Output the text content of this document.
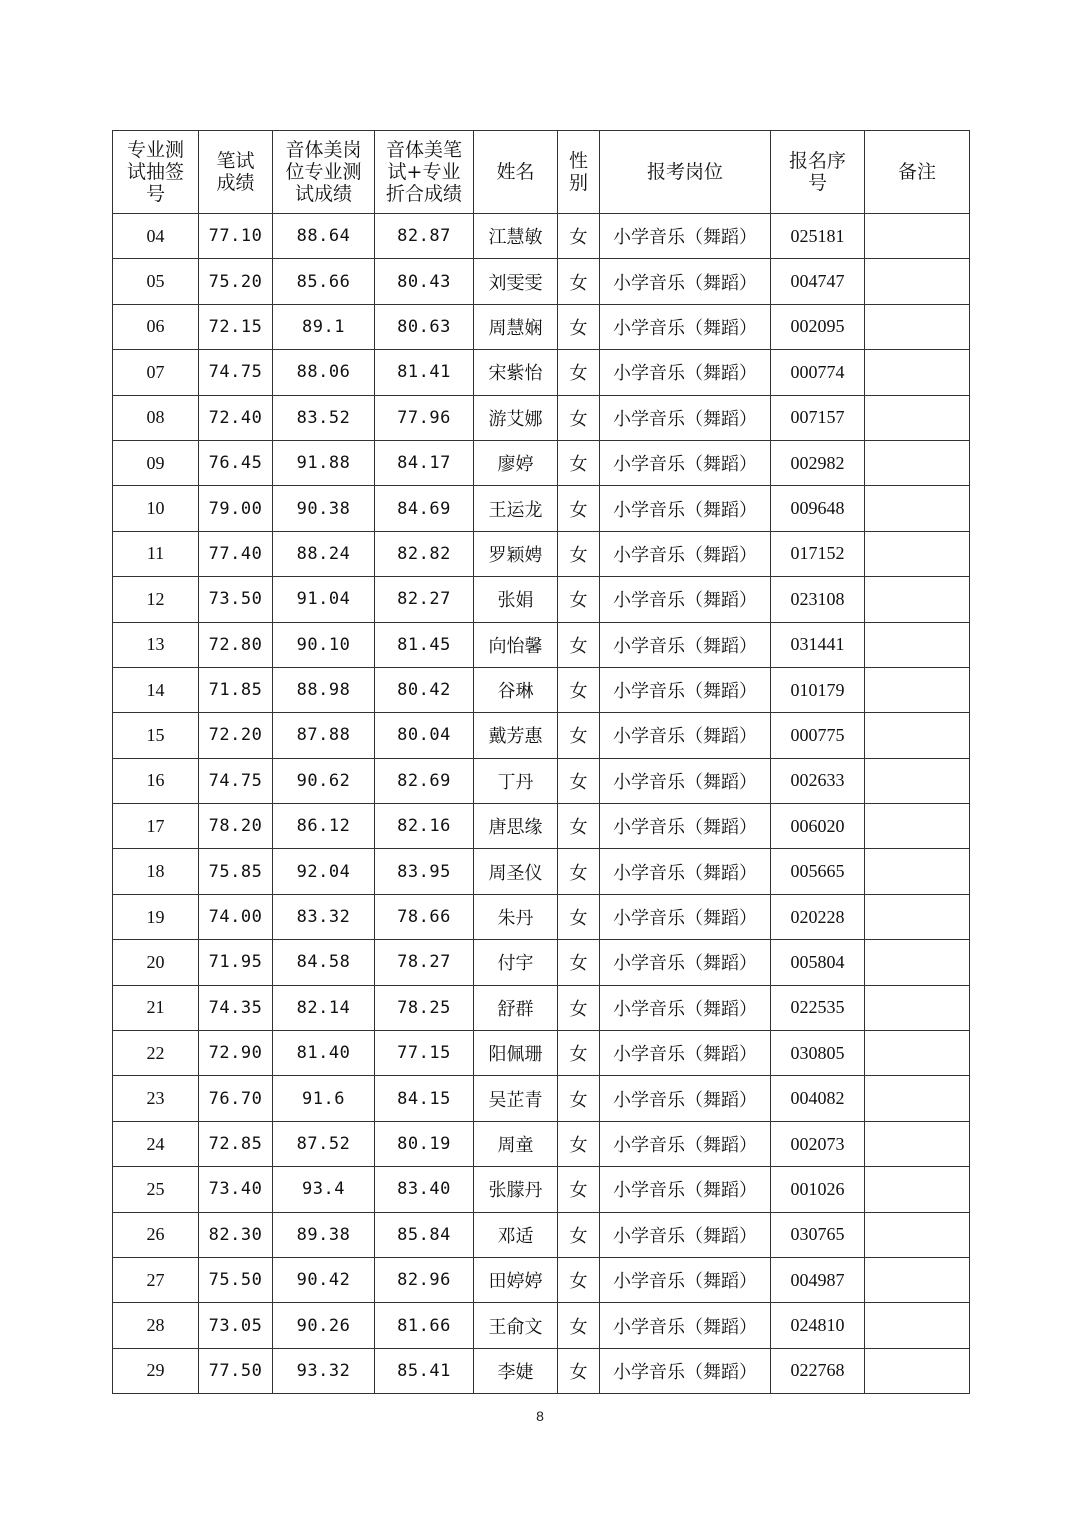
专业测试抽签号	笔试成绩	音体美岗位专业测试成绩	音体美笔试+专业折合成绩	姓名	性别	报考岗位	报名序号	备注
04	77.10	88.64	82.87	江慧敏	女	小学音乐（舞蹈）	025181	
05	75.20	85.66	80.43	刘雯雯	女	小学音乐（舞蹈）	004747	
06	72.15	89.1	80.63	周慧娴	女	小学音乐（舞蹈）	002095	
07	74.75	88.06	81.41	宋紫怡	女	小学音乐（舞蹈）	000774	
08	72.40	83.52	77.96	游艾娜	女	小学音乐（舞蹈）	007157	
09	76.45	91.88	84.17	廖婷	女	小学音乐（舞蹈）	002982	
10	79.00	90.38	84.69	王运龙	女	小学音乐（舞蹈）	009648	
11	77.40	88.24	82.82	罗颖娉	女	小学音乐（舞蹈）	017152	
12	73.50	91.04	82.27	张娟	女	小学音乐（舞蹈）	023108	
13	72.80	90.10	81.45	向怡馨	女	小学音乐（舞蹈）	031441	
14	71.85	88.98	80.42	谷琳	女	小学音乐（舞蹈）	010179	
15	72.20	87.88	80.04	戴芳惠	女	小学音乐（舞蹈）	000775	
16	74.75	90.62	82.69	丁丹	女	小学音乐（舞蹈）	002633	
17	78.20	86.12	82.16	唐思缘	女	小学音乐（舞蹈）	006020	
18	75.85	92.04	83.95	周圣仪	女	小学音乐（舞蹈）	005665	
19	74.00	83.32	78.66	朱丹	女	小学音乐（舞蹈）	020228	
20	71.95	84.58	78.27	付宇	女	小学音乐（舞蹈）	005804	
21	74.35	82.14	78.25	舒群	女	小学音乐（舞蹈）	022535	
22	72.90	81.40	77.15	阳佩珊	女	小学音乐（舞蹈）	030805	
23	76.70	91.6	84.15	吴芷青	女	小学音乐（舞蹈）	004082	
24	72.85	87.52	80.19	周童	女	小学音乐（舞蹈）	002073	
25	73.40	93.4	83.40	张朦丹	女	小学音乐（舞蹈）	001026	
26	82.30	89.38	85.84	邓适	女	小学音乐（舞蹈）	030765	
27	75.50	90.42	82.96	田婷婷	女	小学音乐（舞蹈）	004987	
28	73.05	90.26	81.66	王俞文	女	小学音乐（舞蹈）	024810	
29	77.50	93.32	85.41	李婕	女	小学音乐（舞蹈）	022768	
8
